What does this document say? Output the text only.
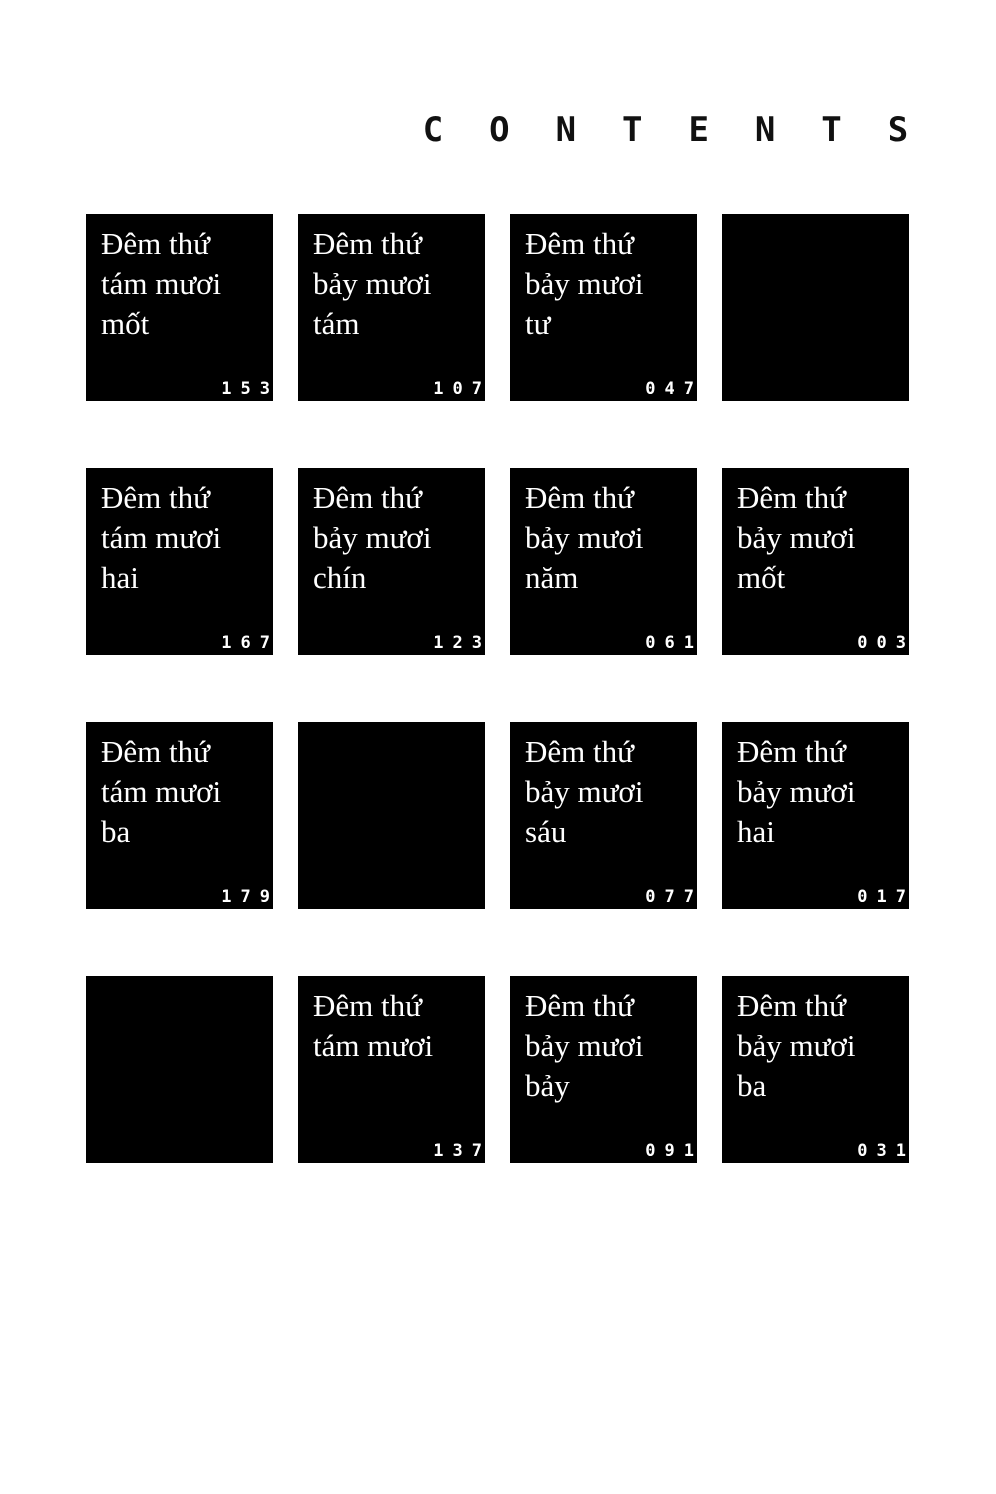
C O N T E N T S
Đêm thứ
tám mươi
mốt
153
Đêm thứ
bảy mươi
tám
107
Đêm thứ
bảy mươi
tư
047
Đêm thứ
tám mươi
hai
167
Đêm thứ
bảy mươi
chín
123
Đêm thứ
bảy mươi
năm
061
Đêm thứ
bảy mươi
mốt
003
Đêm thứ
tám mươi
ba
179
Đêm thứ
bảy mươi
sáu
077
Đêm thứ
bảy mươi
hai
017
Đêm thứ
tám mươi
137
Đêm thứ
bảy mươi
bảy
091
Đêm thứ
bảy mươi
ba
031
